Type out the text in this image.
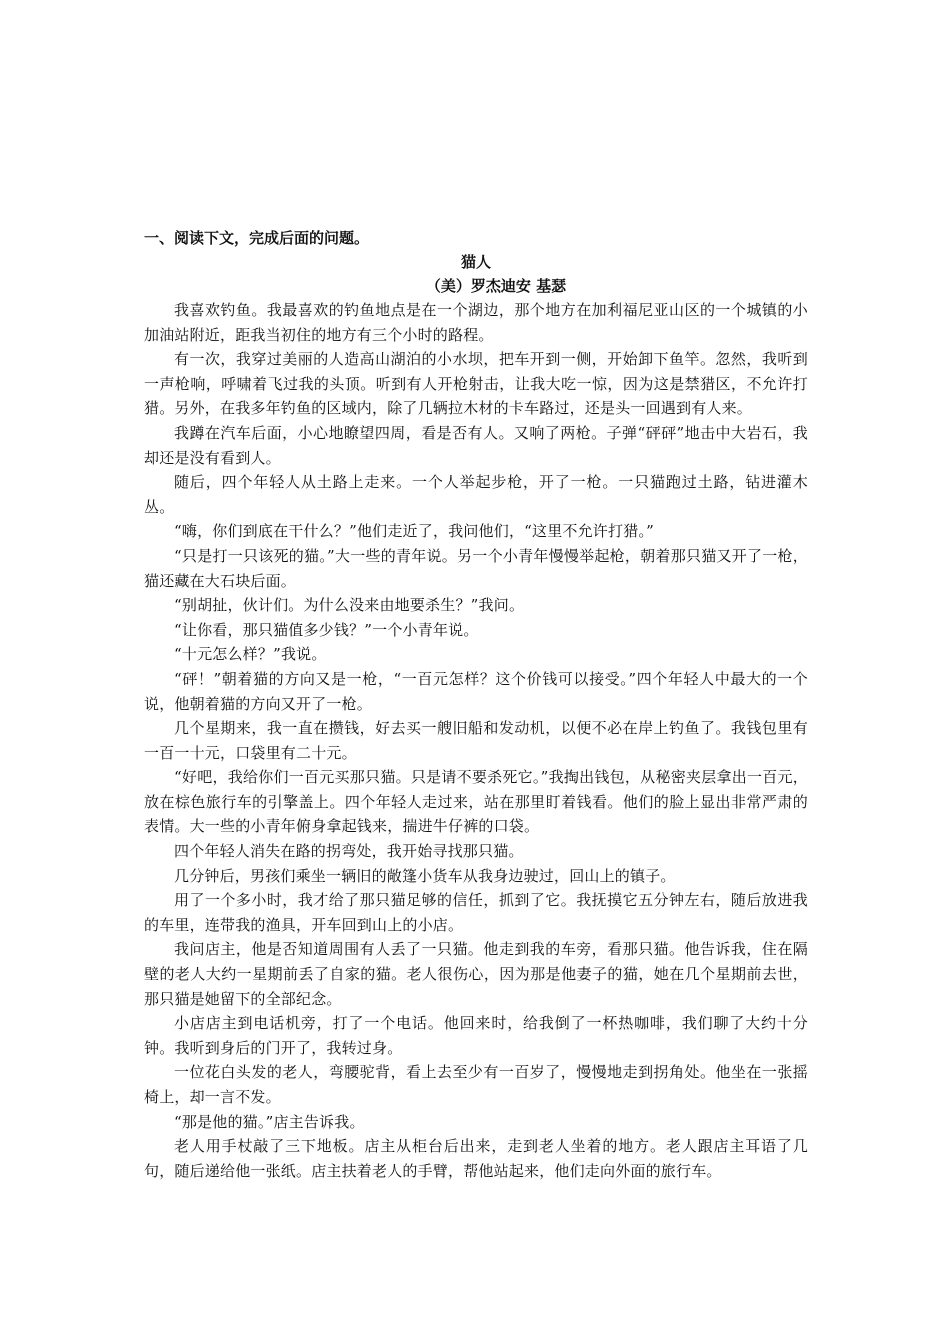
一、阅读下文，完成后面的问题。

猫人

（美）罗杰迪安 基瑟

我喜欢钓鱼。我最喜欢的钓鱼地点是在一个湖边，那个地方在加利福尼亚山区的一个城镇的小加油站附近，距我当初住的地方有三个小时的路程。

有一次，我穿过美丽的人造高山湖泊的小水坝，把车开到一侧，开始卸下鱼竿。忽然，我听到一声枪响，呼啸着飞过我的头顶。听到有人开枪射击，让我大吃一惊，因为这是禁猎区，不允许打猎。另外，在我多年钓鱼的区域内，除了几辆拉木材的卡车路过，还是头一回遇到有人来。

我蹲在汽车后面，小心地瞭望四周，看是否有人。又响了两枪。子弹“砰砰”地击中大岩石，我却还是没有看到人。

随后，四个年轻人从土路上走来。一个人举起步枪，开了一枪。一只猫跑过土路，钻进灌木丛。

“嗨，你们到底在干什么？”他们走近了，我问他们，“这里不允许打猎。”

“只是打一只该死的猫。”大一些的青年说。另一个小青年慢慢举起枪，朝着那只猫又开了一枪，猫还藏在大石块后面。

“别胡扯，伙计们。为什么没来由地要杀生？”我问。

“让你看，那只猫值多少钱？”一个小青年说。

“十元怎么样？”我说。

“砰！”朝着猫的方向又是一枪，“一百元怎样？这个价钱可以接受。”四个年轻人中最大的一个说，他朝着猫的方向又开了一枪。

几个星期来，我一直在攒钱，好去买一艘旧船和发动机，以便不必在岸上钓鱼了。我钱包里有一百一十元，口袋里有二十元。

“好吧，我给你们一百元买那只猫。只是请不要杀死它。”我掏出钱包，从秘密夹层拿出一百元，放在棕色旅行车的引擎盖上。四个年轻人走过来，站在那里盯着钱看。他们的脸上显出非常严肃的表情。大一些的小青年俯身拿起钱来，揣进牛仔裤的口袋。

四个年轻人消失在路的拐弯处，我开始寻找那只猫。

几分钟后，男孩们乘坐一辆旧的敞篷小货车从我身边驶过，回山上的镇子。

用了一个多小时，我才给了那只猫足够的信任，抓到了它。我抚摸它五分钟左右，随后放进我的车里，连带我的渔具，开车回到山上的小店。

我问店主，他是否知道周围有人丢了一只猫。他走到我的车旁，看那只猫。他告诉我，住在隔壁的老人大约一星期前丢了自家的猫。老人很伤心，因为那是他妻子的猫，她在几个星期前去世，那只猫是她留下的全部纪念。

小店店主到电话机旁，打了一个电话。他回来时，给我倒了一杯热咖啡，我们聊了大约十分钟。我听到身后的门开了，我转过身。

一位花白头发的老人，弯腰驼背，看上去至少有一百岁了，慢慢地走到拐角处。他坐在一张摇椅上，却一言不发。

“那是他的猫。”店主告诉我。

老人用手杖敲了三下地板。店主从柜台后出来，走到老人坐着的地方。老人跟店主耳语了几句，随后递给他一张纸。店主扶着老人的手臂，帮他站起来，他们走向外面的旅行车。
